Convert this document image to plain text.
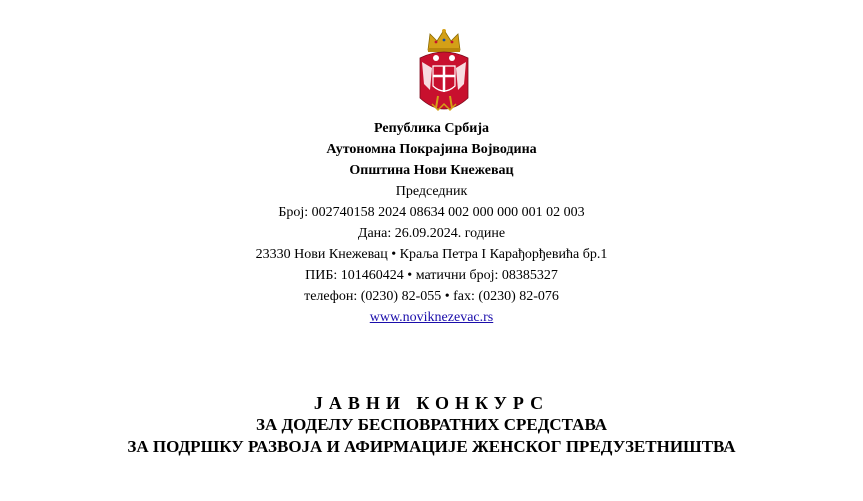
Република Србија
Аутономна Покрајина Војводина
Општина Нови Кнежевац
Председник
Број: 002740158 2024 08634 002 000 000 001 02 003
Дана: 26.09.2024. године
23330 Нови Кнежевац • Краља Петра I Карађорђевића бр.1
ПИБ: 101460424 • матични број: 08385327
телефон: (0230) 82-055 • fax: (0230) 82-076
www.noviknezevac.rs
ЈАВНИ КОНКУРС
ЗА ДОДЕЛУ БЕСПОВРАТНИХ СРЕДСТАВА
ЗА ПОДРШКУ РАЗВОЈА И АФИРМАЦИЈЕ ЖЕНСКОГ ПРЕДУЗЕТНИШТВА
